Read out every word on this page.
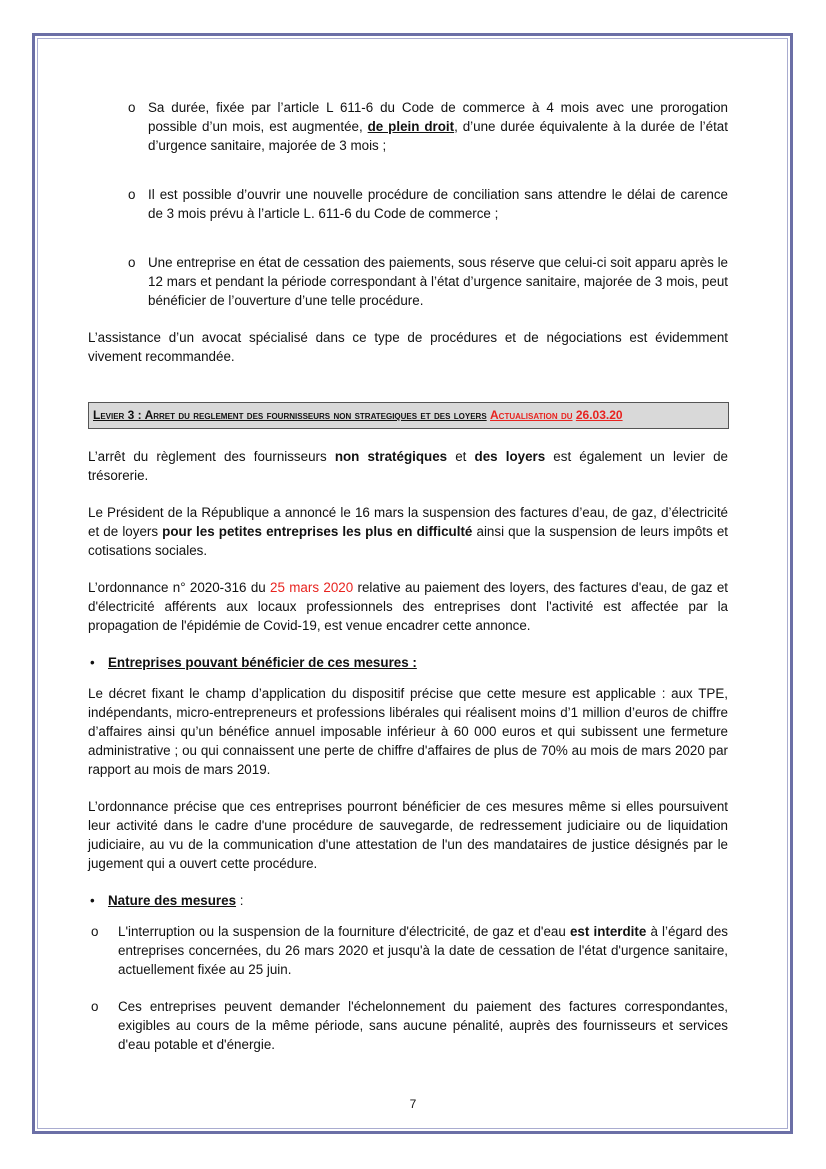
o Sa durée, fixée par l’article L 611-6 du Code de commerce à 4 mois avec une prorogation possible d’un mois, est augmentée, de plein droit, d’une durée équivalente à la durée de l’état d’urgence sanitaire, majorée de 3 mois ;

o Il est possible d’ouvrir une nouvelle procédure de conciliation sans attendre le délai de carence de 3 mois prévu à l’article L. 611-6 du Code de commerce ;

o Une entreprise en état de cessation des paiements, sous réserve que celui-ci soit apparu après le 12 mars et pendant la période correspondant à l’état d’urgence sanitaire, majorée de 3 mois, peut bénéficier de l’ouverture d’une telle procédure.

L’assistance d’un avocat spécialisé dans ce type de procédures et de négociations est évidemment vivement recommandée.

Levier 3 : Arret du reglement des fournisseurs non strategiques et des loyers Actualisation du 26.03.20

L’arrêt du règlement des fournisseurs non stratégiques et des loyers est également un levier de trésorerie.

Le Président de la République a annoncé le 16 mars la suspension des factures d’eau, de gaz, d’électricité et de loyers pour les petites entreprises les plus en difficulté ainsi que la suspension de leurs impôts et cotisations sociales.

L’ordonnance n° 2020-316 du 25 mars 2020 relative au paiement des loyers, des factures d'eau, de gaz et d'électricité afférents aux locaux professionnels des entreprises dont l'activité est affectée par la propagation de l'épidémie de Covid-19, est venue encadrer cette annonce.

• Entreprises pouvant bénéficier de ces mesures :

Le décret fixant le champ d’application du dispositif précise que cette mesure est applicable : aux TPE, indépendants, micro-entrepreneurs et professions libérales qui réalisent moins d’1 million d’euros de chiffre d’affaires ainsi qu’un bénéfice annuel imposable inférieur à 60 000 euros et qui subissent une fermeture administrative ; ou qui connaissent une perte de chiffre d'affaires de plus de 70% au mois de mars 2020 par rapport au mois de mars 2019.

L’ordonnance précise que ces entreprises pourront bénéficier de ces mesures même si elles poursuivent leur activité dans le cadre d'une procédure de sauvegarde, de redressement judiciaire ou de liquidation judiciaire, au vu de la communication d'une attestation de l'un des mandataires de justice désignés par le jugement qui a ouvert cette procédure.

• Nature des mesures :

o L'interruption ou la suspension de la fourniture d'électricité, de gaz et d'eau est interdite à l’égard des entreprises concernées, du 26 mars 2020 et jusqu'à la date de cessation de l'état d'urgence sanitaire, actuellement fixée au 25 juin.

o Ces entreprises peuvent demander l'échelonnement du paiement des factures correspondantes, exigibles au cours de la même période, sans aucune pénalité, auprès des fournisseurs et services d'eau potable et d'énergie.

7
